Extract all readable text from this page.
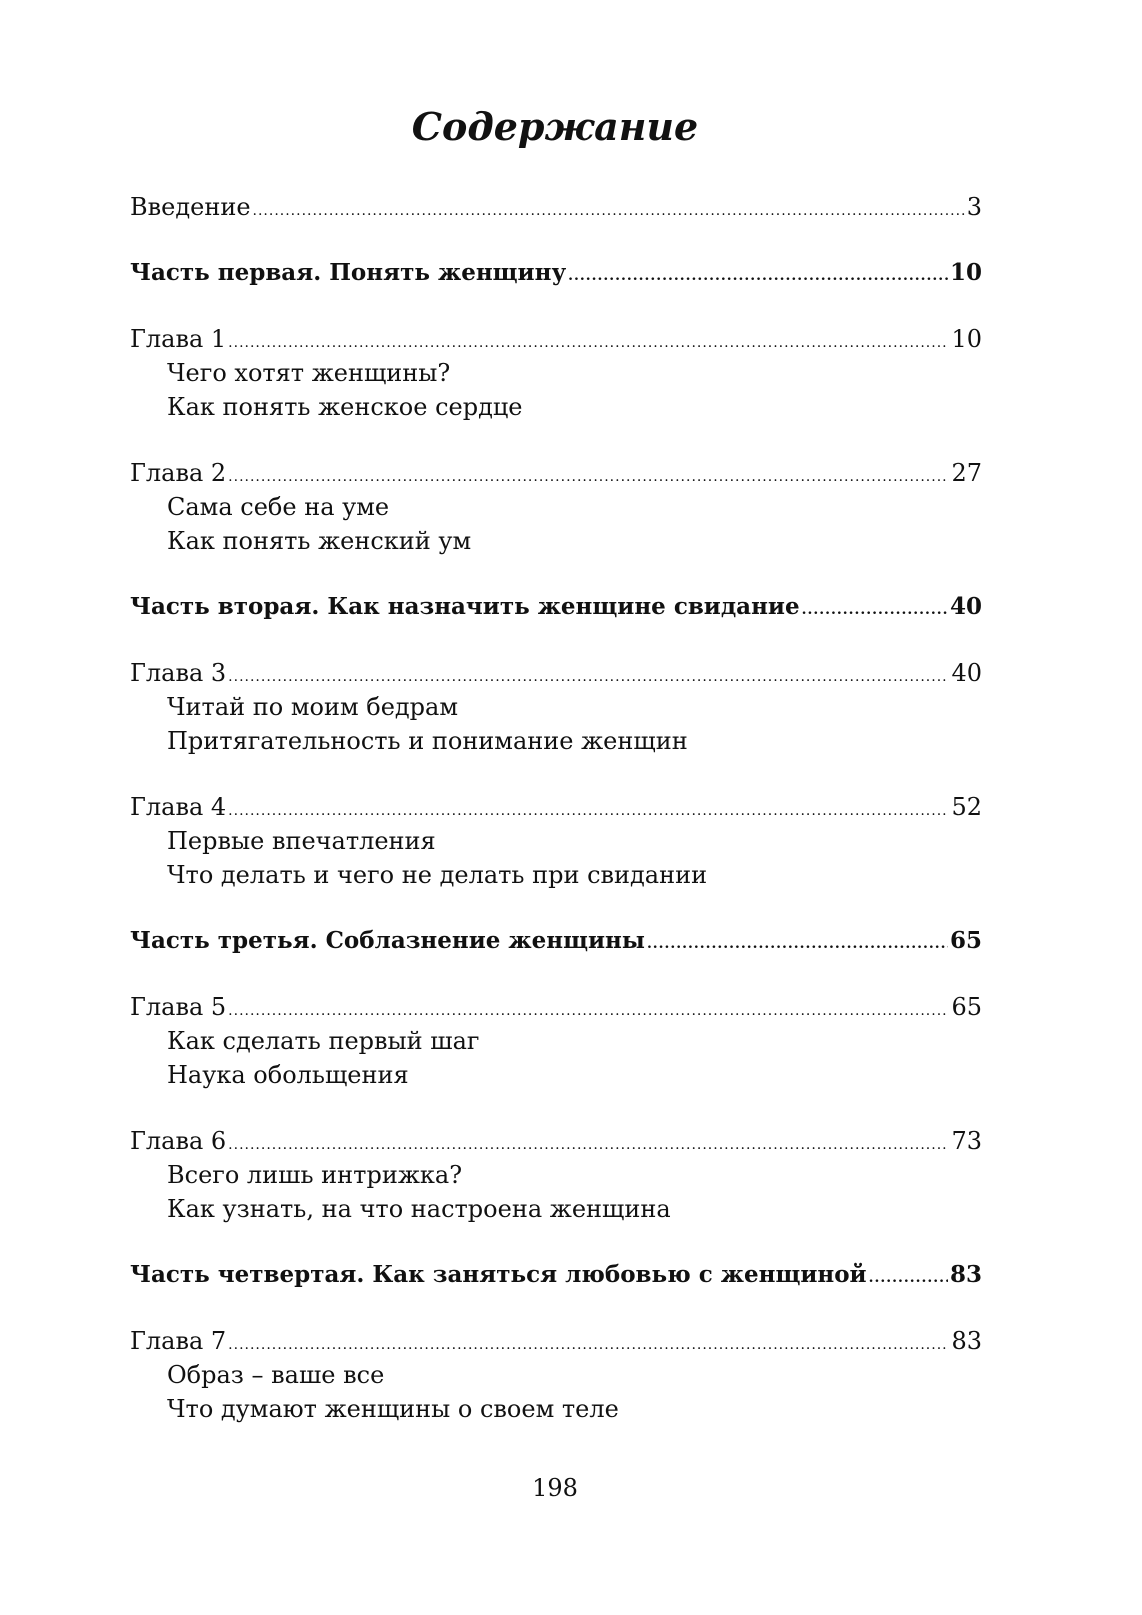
Содержание
Введение .....	3
Часть первая. Понять женщину .....	10
Глава 1 .....	10
Чего хотят женщины?
Как понять женское сердце
Глава 2 .....	27
Сама себе на уме
Как понять женский ум
Часть вторая. Как назначить женщине свидание .....	40
Глава 3 .....	40
Читай по моим бедрам
Притягательность и понимание женщин
Глава 4 .....	52
Первые впечатления
Что делать и чего не делать при свидании
Часть третья. Соблазнение женщины .....	65
Глава 5 .....	65
Как сделать первый шаг
Наука обольщения
Глава 6 .....	73
Всего лишь интрижка?
Как узнать, на что настроена женщина
Часть четвертая. Как заняться любовью с женщиной .....	83
Глава 7 .....	83
Образ – ваше все
Что думают женщины о своем теле
198
